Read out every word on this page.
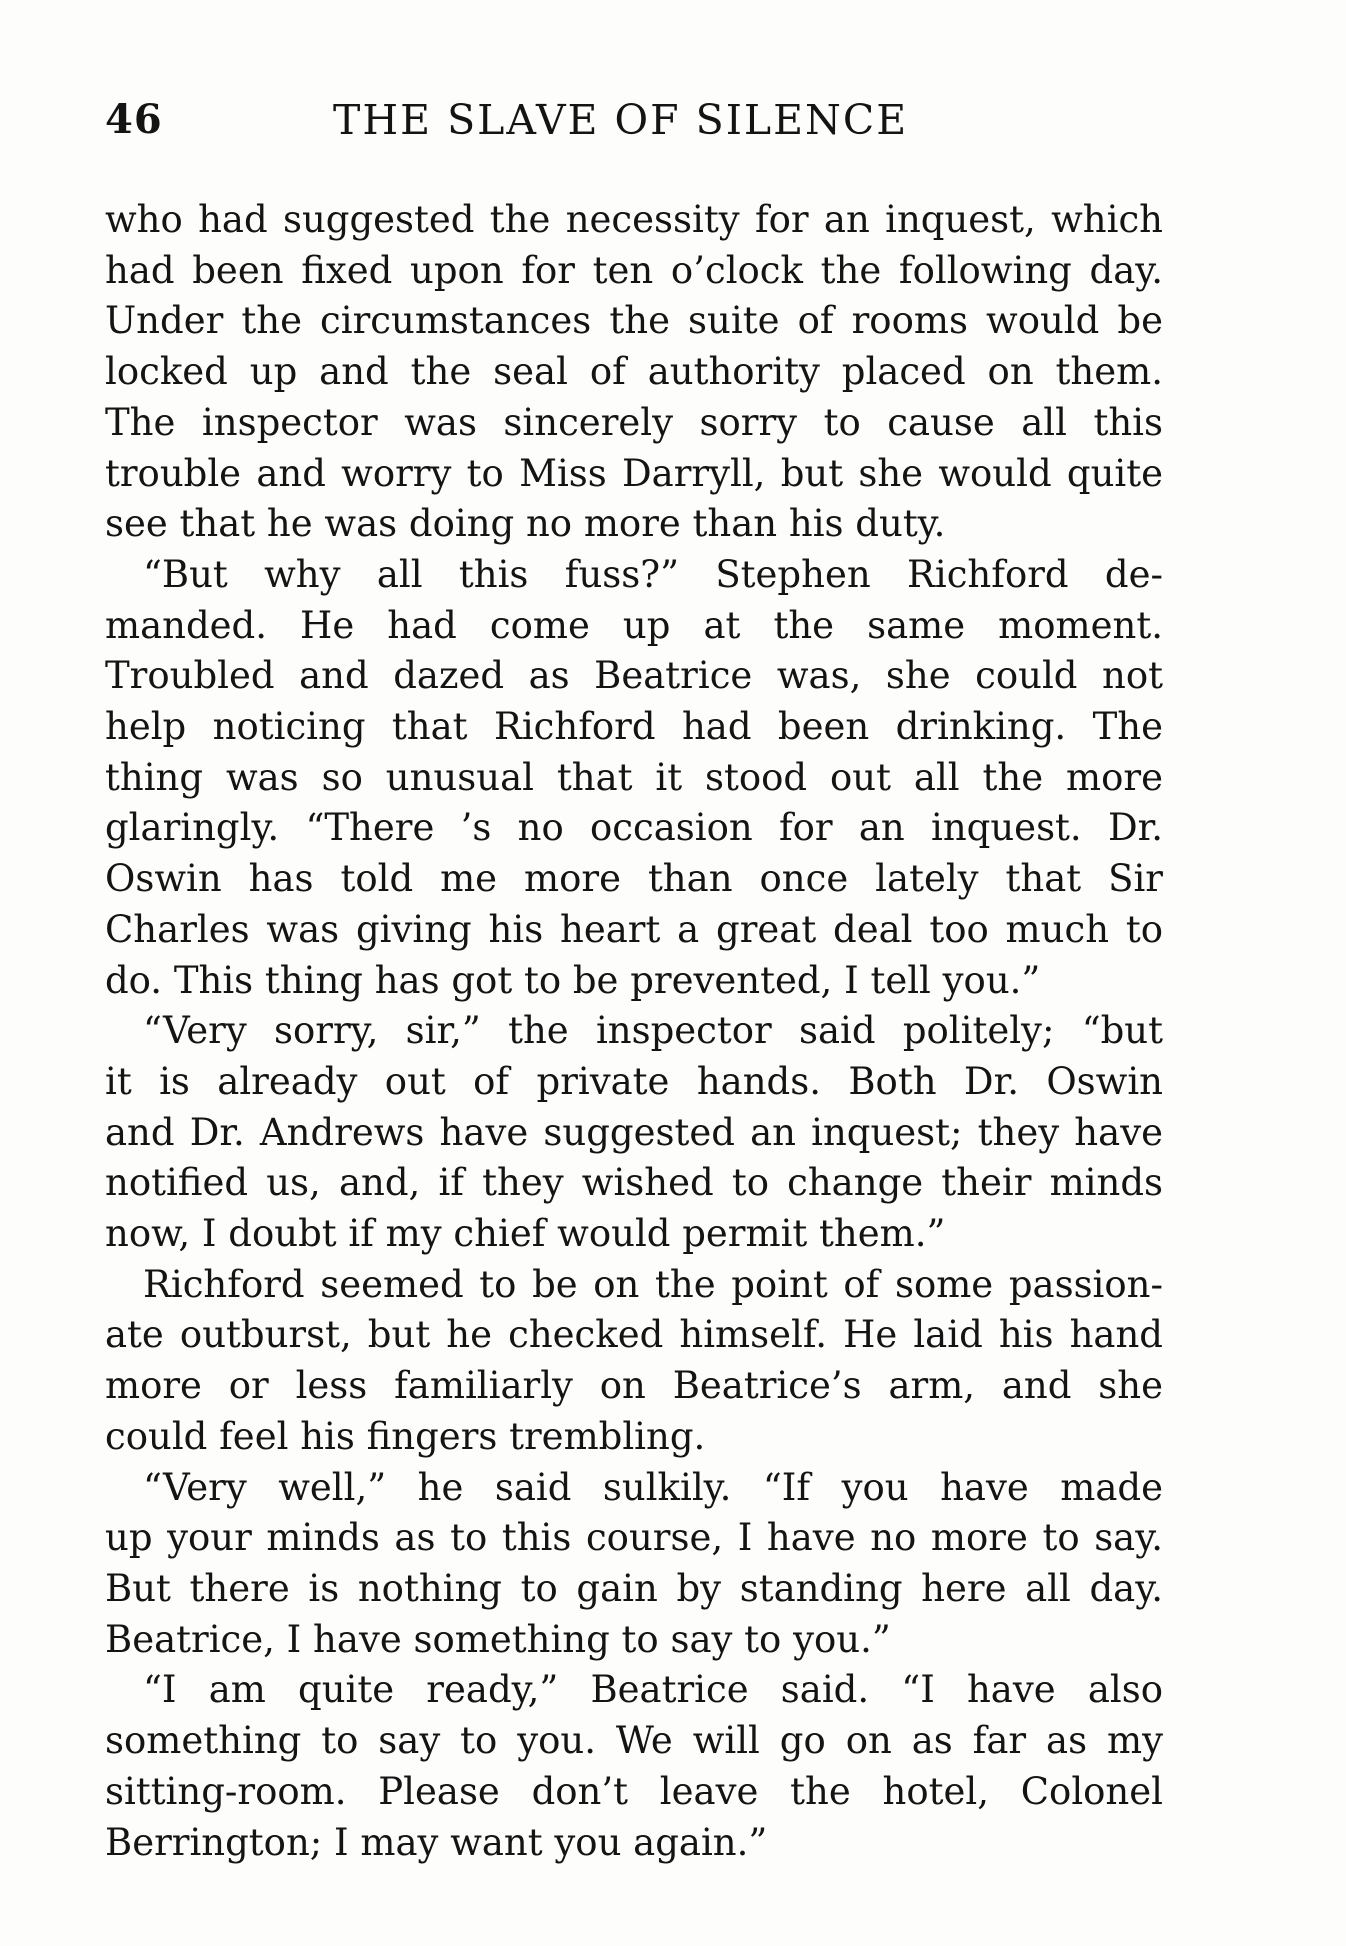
46	THE SLAVE OF SILENCE
who had suggested the necessity for an inquest, which
had been fixed upon for ten o’clock the following day.
Under the circumstances the suite of rooms would be
locked up and the seal of authority placed on them.
The inspector was sincerely sorry to cause all this
trouble and worry to Miss Darryll, but she would quite
see that he was doing no more than his duty.
“But why all this fuss?” Stephen Richford de-
manded. He had come up at the same moment.
Troubled and dazed as Beatrice was, she could not
help noticing that Richford had been drinking. The
thing was so unusual that it stood out all the more
glaringly. “There ’s no occasion for an inquest. Dr.
Oswin has told me more than once lately that Sir
Charles was giving his heart a great deal too much to
do. This thing has got to be prevented, I tell you.”
“Very sorry, sir,” the inspector said politely; “but
it is already out of private hands. Both Dr. Oswin
and Dr. Andrews have suggested an inquest; they have
notified us, and, if they wished to change their minds
now, I doubt if my chief would permit them.”
Richford seemed to be on the point of some passion-
ate outburst, but he checked himself. He laid his hand
more or less familiarly on Beatrice’s arm, and she
could feel his fingers trembling.
“Very well,” he said sulkily. “If you have made
up your minds as to this course, I have no more to say.
But there is nothing to gain by standing here all day.
Beatrice, I have something to say to you.”
“I am quite ready,” Beatrice said. “I have also
something to say to you. We will go on as far as my
sitting-room. Please don’t leave the hotel, Colonel
Berrington; I may want you again.”
